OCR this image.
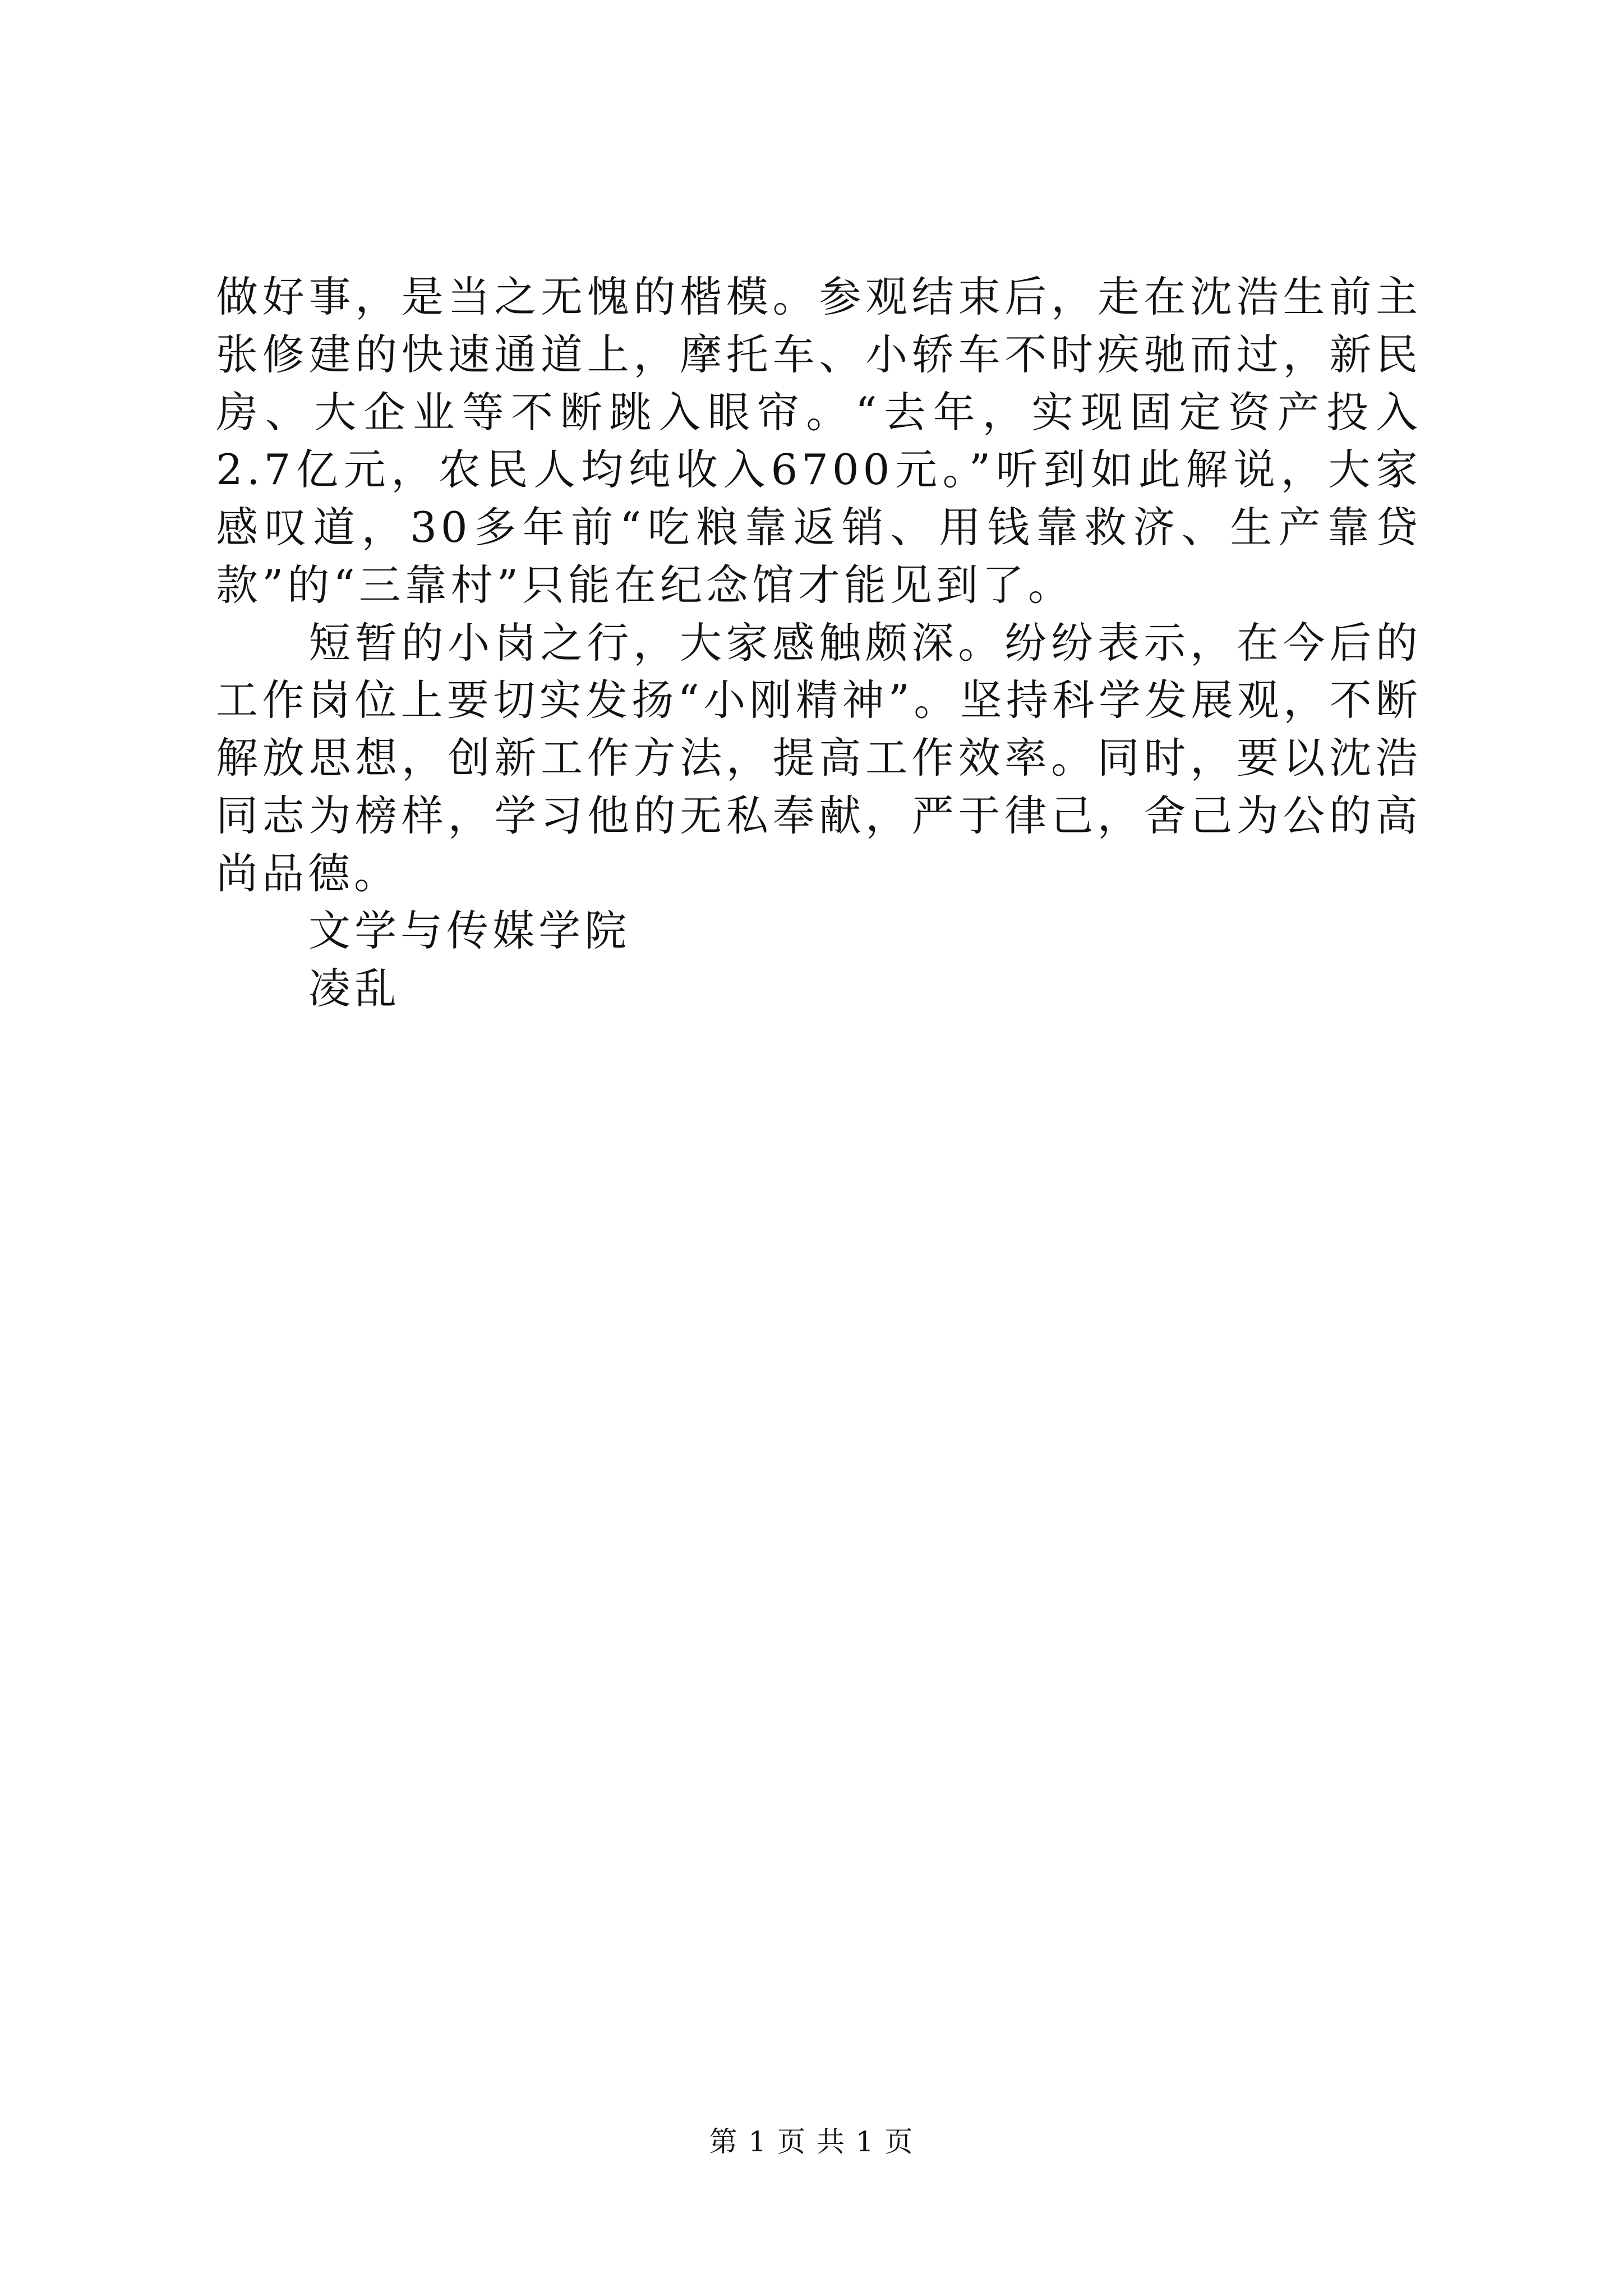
做好事，是当之无愧的楷模。参观结束后，走在沈浩生前主张修建的快速通道上，摩托车、小轿车不时疾驰而过，新民房、大企业等不断跳入眼帘。“去年，实现固定资产投入2.7亿元，农民人均纯收入6700元。”听到如此解说，大家感叹道，30多年前“吃粮靠返销、用钱靠救济、生产靠贷款”的“三靠村”只能在纪念馆才能见到了。

短暂的小岗之行，大家感触颇深。纷纷表示，在今后的工作岗位上要切实发扬“小刚精神”。坚持科学发展观，不断解放思想，创新工作方法，提高工作效率。同时，要以沈浩同志为榜样，学习他的无私奉献，严于律己，舍己为公的高尚品德。

文学与传媒学院

凌乱

第 1 页 共 1 页
